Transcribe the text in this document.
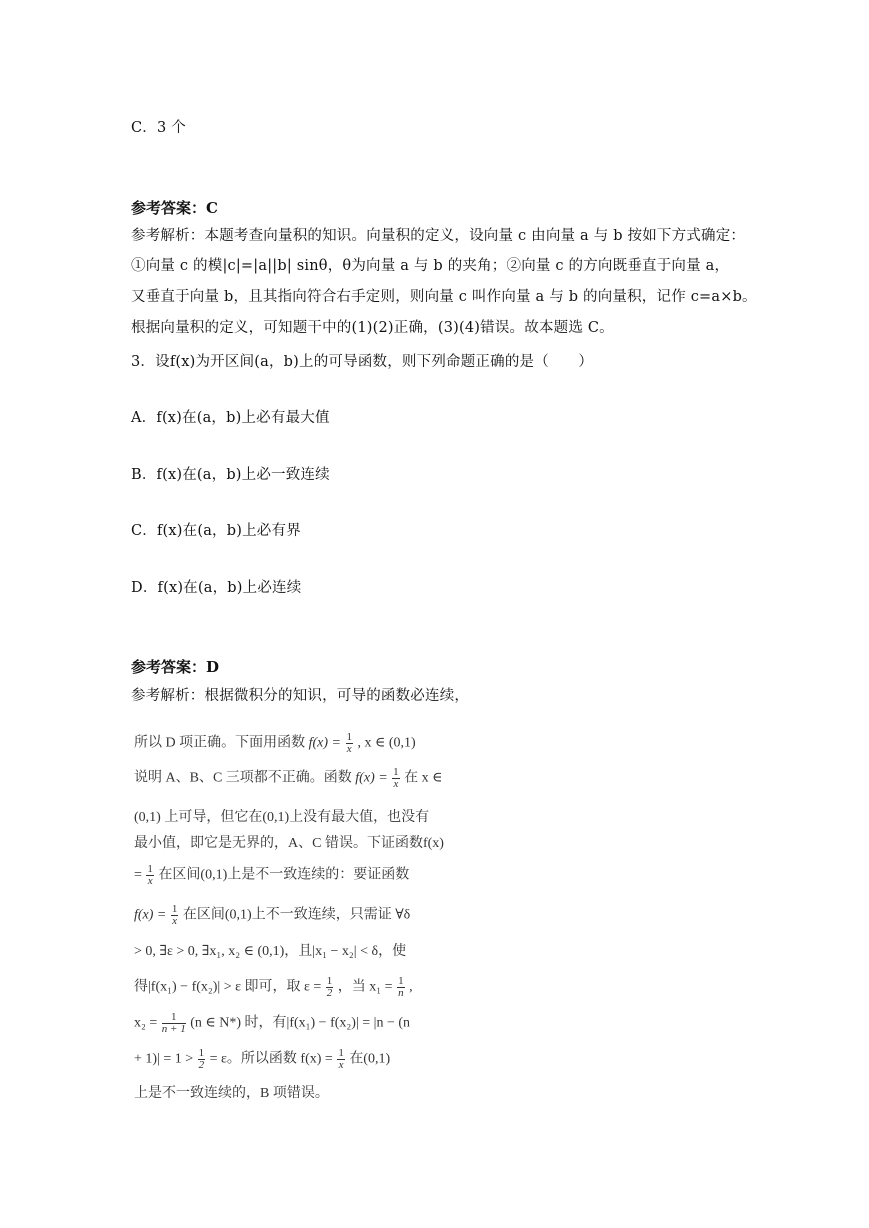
C．3 个
参考答案：C
参考解析：本题考查向量积的知识。向量积的定义，设向量 c 由向量 a 与 b 按如下方式确定：
①向量 c 的模|c|=|a||b| sinθ，θ为向量 a 与 b 的夹角；②向量 c 的方向既垂直于向量 a，
又垂直于向量 b，且其指向符合右手定则，则向量 c 叫作向量 a 与 b 的向量积，记作 c=a×b。
根据向量积的定义，可知题干中的(1)(2)正确，(3)(4)错误。故本题选 C。
3．设f(x)为开区间(a，b)上的可导函数，则下列命题正确的是（　　）
A．f(x)在(a，b)上必有最大值
B．f(x)在(a，b)上必一致连续
C．f(x)在(a，b)上必有界
D．f(x)在(a，b)上必连续
参考答案：D
参考解析：根据微积分的知识，可导的函数必连续，
所以 D 项正确。下面用函数 $f(x) = \frac{1}{x}$ , x ∈ (0,1)
说明 A、B、C 三项都不正确。函数 $f(x) = \frac{1}{x}$ 在 x ∈
(0,1) 上可导，但它在(0,1)上没有最大值，也没有
最小值，即它是无界的，A、C 错误。下证函数f(x)
= $\frac{1}{x}$ 在区间(0,1)上是不一致连续的：要证函数
$f(x) = \frac{1}{x}$ 在区间(0,1)上不一致连续，只需证 ∀δ
> 0, ∃ε > 0, ∃x₁, x₂ ∈ (0,1)，且|x₁ − x₂| < δ，使
得|f(x₁) − f(x₂)| > ε 即可，取 $\varepsilon = \frac{1}{2}$ ，当 $x_1 = \frac{1}{n}$ ,
$x_2 = \frac{1}{n + 1} (n$ ∈ N*) 时，有|f(x₁) − f(x₂)| = |n − (n
+ $1)| = 1 > \frac{1}{2} = \varepsilon$。所以函数 $f(x) = \frac{1}{x}$ 在(0,1)
上是不一致连续的，B 项错误。
